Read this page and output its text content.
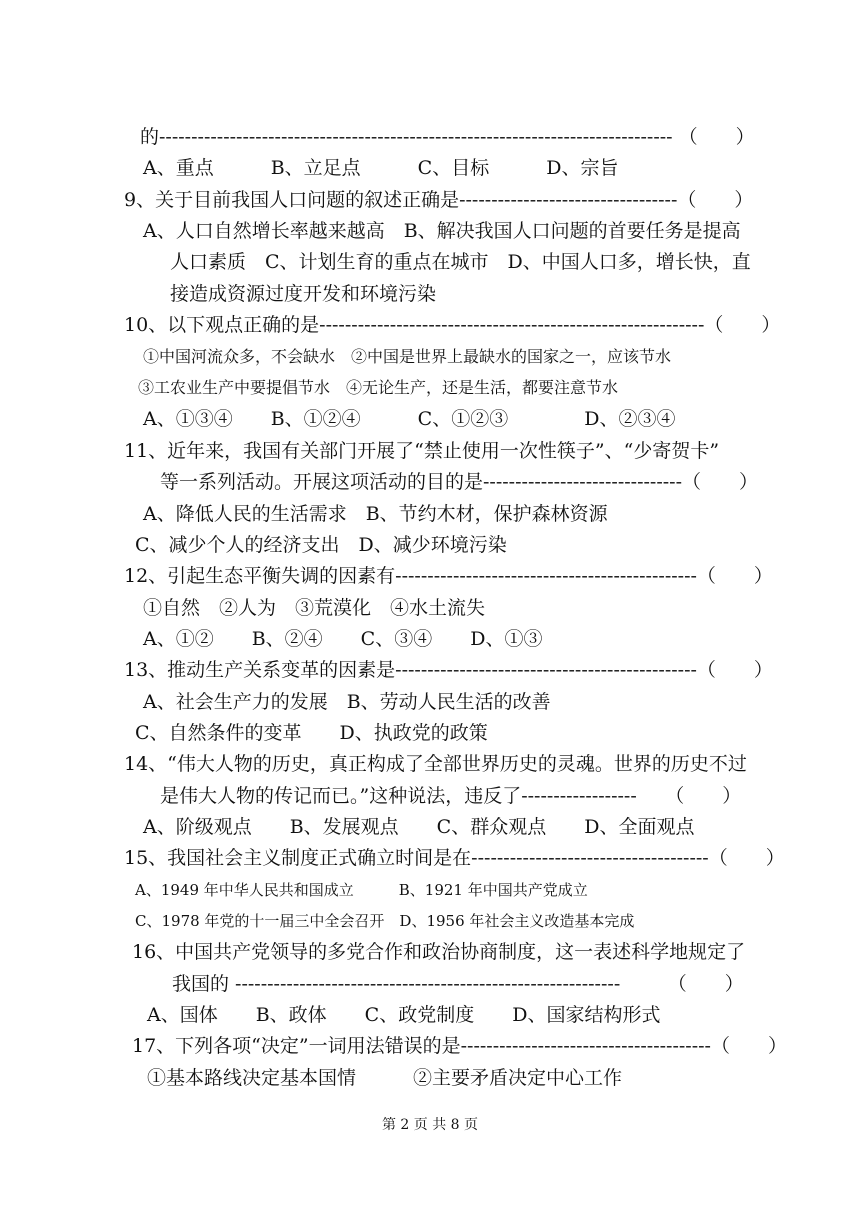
的-------------------------------------------------------------------------------- （　　）
A、重点　　　B、立足点　　　C、目标　　　D、宗旨
9、关于目前我国人口问题的叙述正确是----------------------------------（　　）
A、人口自然增长率越来越高　B、解决我国人口问题的首要任务是提高
人口素质　C、计划生育的重点在城市　D、中国人口多，增长快，直
接造成资源过度开发和环境污染
10、以下观点正确的是------------------------------------------------------------（　　）
①中国河流众多，不会缺水　②中国是世界上最缺水的国家之一，应该节水
③工农业生产中要提倡节水　④无论生产，还是生活，都要注意节水
A、①③④　　B、①②④　　　C、①②③　　　　D、②③④
11、近年来，我国有关部门开展了“禁止使用一次性筷子”、“少寄贺卡”
等一系列活动。开展这项活动的目的是-------------------------------（　　）
A、降低人民的生活需求　B、节约木材，保护森林资源
C、减少个人的经济支出　D、减少环境污染
12、引起生态平衡失调的因素有-----------------------------------------------（　　）
①自然　②人为　③荒漠化　④水土流失
A、①②　　B、②④　　C、③④　　D、①③
13、推动生产关系变革的因素是-----------------------------------------------（　　）
A、社会生产力的发展　B、劳动人民生活的改善
C、自然条件的变革　　D、执政党的政策
14、“伟大人物的历史，真正构成了全部世界历史的灵魂。世界的历史不过
是伟大人物的传记而已。”这种说法，违反了------------------　　（　　）
A、阶级观点　　B、发展观点　　C、群众观点　　D、全面观点
15、我国社会主义制度正式确立时间是在-------------------------------------（　　）
A、1949 年中华人民共和国成立　　　B、1921 年中国共产党成立
C、1978 年党的十一届三中全会召开　D、1956 年社会主义改造基本完成
16、中国共产党领导的多党合作和政治协商制度，这一表述科学地规定了
我国的 ------------------------------------------------------------　　　（　　）
A、国体　　B、政体　　C、政党制度　　D、国家结构形式
17、下列各项“决定”一词用法错误的是---------------------------------------（　　）
①基本路线决定基本国情　　　②主要矛盾决定中心工作
第 2 页 共 8 页
